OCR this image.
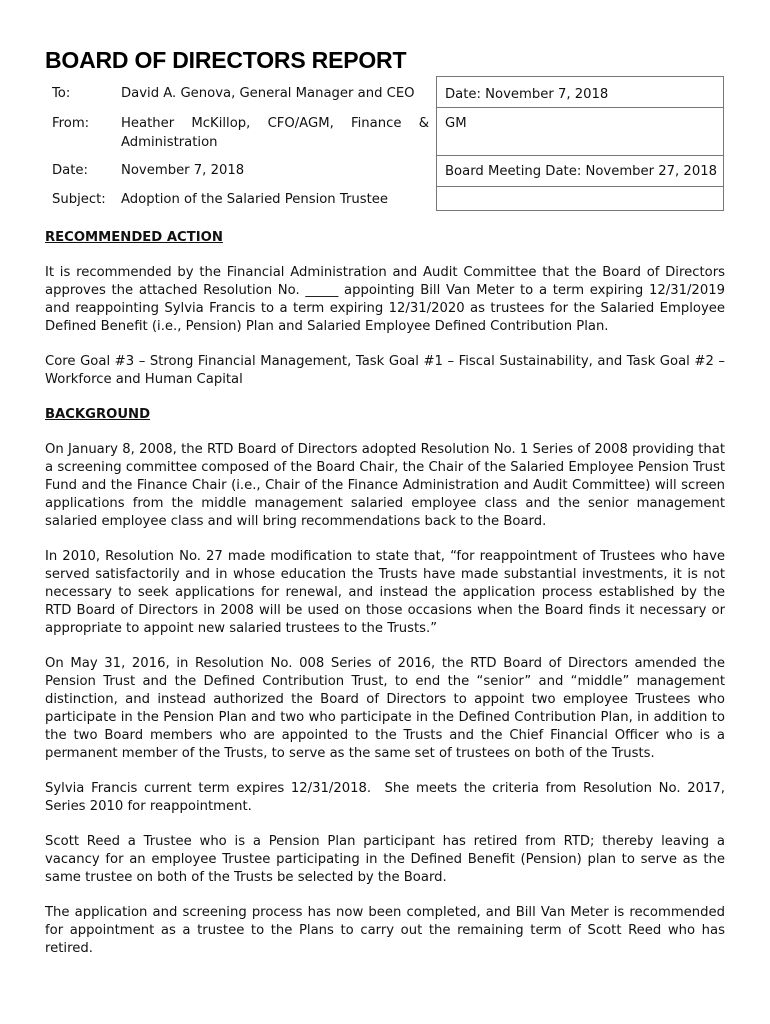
BOARD OF DIRECTORS REPORT
To:	David A. Genova, General Manager and CEO
From: Heather McKillop, CFO/AGM, Finance & Administration
Date:	November 7, 2018
Subject: Adoption of the Salaried Pension Trustee
Date: November 7, 2018
GM
Board Meeting Date: November 27, 2018

RECOMMENDED ACTION

It is recommended by the Financial Administration and Audit Committee that the Board of Directors approves the attached Resolution No. _____ appointing Bill Van Meter to a term expiring 12/31/2019 and reappointing Sylvia Francis to a term expiring 12/31/2020 as trustees for the Salaried Employee Defined Benefit (i.e., Pension) Plan and Salaried Employee Defined Contribution Plan.

Core Goal #3 – Strong Financial Management, Task Goal #1 – Fiscal Sustainability, and Task Goal #2 – Workforce and Human Capital

BACKGROUND

On January 8, 2008, the RTD Board of Directors adopted Resolution No. 1 Series of 2008 providing that a screening committee composed of the Board Chair, the Chair of the Salaried Employee Pension Trust Fund and the Finance Chair (i.e., Chair of the Finance Administration and Audit Committee) will screen applications from the middle management salaried employee class and the senior management salaried employee class and will bring recommendations back to the Board.

In 2010, Resolution No. 27 made modification to state that, “for reappointment of Trustees who have served satisfactorily and in whose education the Trusts have made substantial investments, it is not necessary to seek applications for renewal, and instead the application process established by the RTD Board of Directors in 2008 will be used on those occasions when the Board finds it necessary or appropriate to appoint new salaried trustees to the Trusts.”

On May 31, 2016, in Resolution No. 008 Series of 2016, the RTD Board of Directors amended the Pension Trust and the Defined Contribution Trust, to end the “senior” and “middle” management distinction, and instead authorized the Board of Directors to appoint two employee Trustees who participate in the Pension Plan and two who participate in the Defined Contribution Plan, in addition to the two Board members who are appointed to the Trusts and the Chief Financial Officer who is a permanent member of the Trusts, to serve as the same set of trustees on both of the Trusts.

Sylvia Francis current term expires 12/31/2018.  She meets the criteria from Resolution No. 2017, Series 2010 for reappointment.

Scott Reed a Trustee who is a Pension Plan participant has retired from RTD; thereby leaving a vacancy for an employee Trustee participating in the Defined Benefit (Pension) plan to serve as the same trustee on both of the Trusts be selected by the Board.

The application and screening process has now been completed, and Bill Van Meter is recommended for appointment as a trustee to the Plans to carry out the remaining term of Scott Reed who has retired.
